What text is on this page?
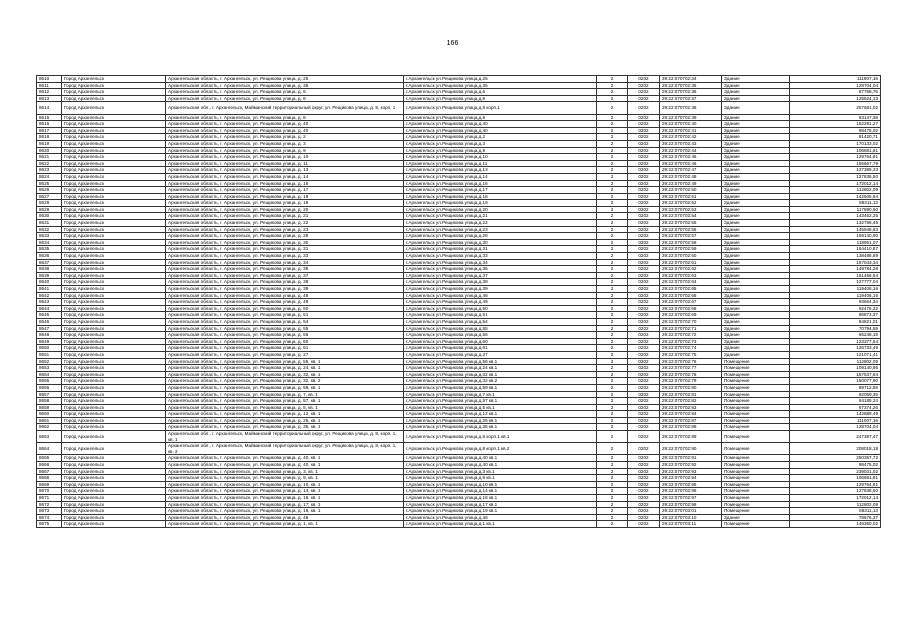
166
8610	Город Архангельск	Архангельская область, г. Архангельск, ул. Рещикова улица, д. 25	г.Архангельск ул.Рещикова улица,д.25	2	0202	29:22:070702:34	Здание	111907,16
8611	Город Архангельск	Архангельская область, г. Архангельск, ул. Рещикова улица, д. 35	г.Архангельск ул.Рещикова улица,д.35	2	0202	29:22:070702:35	Здание	128704,04
8612	Город Архангельск	Архангельская область, г. Архангельск, ул. Рещикова улица, д. 6	г.Архангельск ул.Рещикова улица,д.6	2	0202	29:22:070702:36	Здание	87768,76
8613	Город Архангельск	Архангельская область, г. Архангельск, ул. Рещикова улица, д. 8	г.Архангельск ул.Рещикова улица,д.8	2	0202	29:22:070702:37	Здание	125524,13
8614	Город Архангельск	Архангельская обл., г. Архангельск, Майманский территориальный округ, ул. Рещикова улица, д. 8, корп. 1	г.Архангельск ул.Рещикова улица,д.8 корп.1	2	0202	29:22:070702:38	Здание	257681,02
8615	Город Архангельск	Архангельская область, г. Архангельск, ул. Рещикова улица, д. 8	г.Архангельск ул.Рещикова улица,д.8	2	0202	29:22:070702:39	Здание	83147,38
8616	Город Архангельск	Архангельская область, г. Архангельск, ул. Рещикова улица, д. 40	г.Архангельск ул.Рещикова улица,д.40	2	0202	29:22:070702:40	Здание	152291,27
8617	Город Архангельск	Архангельская область, г. Архангельск, ул. Рещикова улица, д. 40	г.Архангельск ул.Рещикова улица,д.40	2	0202	29:22:070702:41	Здание	98475,02
8618	Город Архангельск	Архангельская область, г. Архангельск, ул. Рещикова улица, д. 2	г.Архангельск ул.Рещикова улица,д.2	2	0202	29:22:070702:42	Здание	81420,71
8619	Город Архангельск	Архангельская область, г. Архангельск, ул. Рещикова улица, д. 3	г.Архангельск ул.Рещикова улица,д.3	2	0202	29:22:070702:43	Здание	170133,02
8620	Город Архангельск	Архангельская область, г. Архангельск, ул. Рещикова улица, д. 9	г.Архангельск ул.Рещикова улица,д.9	2	0202	29:22:070702:44	Здание	106681,81
8621	Город Архангельск	Архангельская область, г. Архангельск, ул. Рещикова улица, д. 10	г.Архангельск ул.Рещикова улица,д.10	2	0202	29:22:070702:45	Здание	129764,81
8622	Город Архангельск	Архангельская область, г. Архангельск, ул. Рещикова улица, д. 11	г.Архангельск ул.Рещикова улица,д.11	2	0202	29:22:070702:46	Здание	155667,79
8623	Город Архангельск	Архангельская область, г. Архангельск, ул. Рещикова улица, д. 13	г.Архангельск ул.Рещикова улица,д.13	2	0202	29:22:070702:47	Здание	127389,33
8624	Город Архангельск	Архангельская область, г. Архангельск, ул. Рещикова улица, д. 14	г.Архангельск ул.Рещикова улица,д.14	2	0202	29:22:070702:48	Здание	127836,50
8625	Город Архангельск	Архангельская область, г. Архангельск, ул. Рещикова улица, д. 16	г.Архангельск ул.Рещикова улица,д.16	2	0202	29:22:070702:49	Здание	172012,14
8626	Город Архангельск	Архангельская область, г. Архангельск, ул. Рещикова улица, д. 17	г.Архангельск ул.Рещикова улица,д.17	2	0202	29:22:070702:50	Здание	112802,09
8627	Город Архангельск	Архангельская область, г. Архангельск, ул. Рещикова улица, д. 18	г.Архангельск ул.Рещикова улица,д.18	2	0202	29:22:070702:51	Здание	142505,84
8628	Город Архангельск	Архангельская область, г. Архангельск, ул. Рещикова улица, д. 19	г.Архангельск ул.Рещикова улица,д.19	2	0202	29:22:070702:52	Здание	86311,13
8629	Город Архангельск	Архангельская область, г. Архангельск, ул. Рещикова улица, д. 20	г.Архангельск ул.Рещикова улица,д.20	2	0202	29:22:070702:53	Здание	117890,60
8630	Город Архангельск	Архангельская область, г. Архангельск, ул. Рещикова улица, д. 21	г.Архангельск ул.Рещикова улица,д.21	2	0202	29:22:070702:54	Здание	143462,25
8631	Город Архангельск	Архангельская область, г. Архангельск, ул. Рещикова улица, д. 22	г.Архангельск ул.Рещикова улица,д.22	2	0202	29:22:070702:55	Здание	132756,45
8632	Город Архангельск	Архангельская область, г. Архангельск, ул. Рещикова улица, д. 23	г.Архангельск ул.Рещикова улица,д.23	2	0202	29:22:070702:56	Здание	145948,83
8633	Город Архангельск	Архангельская область, г. Архангельск, ул. Рещикова улица, д. 28	г.Архангельск ул.Рещикова улица,д.28	2	0202	29:22:070702:57	Здание	169140,90
8634	Город Архангельск	Архангельская область, г. Архангельск, ул. Рещикова улица, д. 30	г.Архангельск ул.Рещикова улица,д.30	2	0202	29:22:070702:58	Здание	118951,07
8635	Город Архангельск	Архангельская область, г. Архангельск, ул. Рещикова улица, д. 31	г.Архангельск ул.Рещикова улица,д.31	2	0202	29:22:070702:59	Здание	164410,87
8636	Город Архангельск	Архангельская область, г. Архангельск, ул. Рещикова улица, д. 33	г.Архангельск ул.Рещикова улица,д.33	2	0202	29:22:070702:60	Здание	138488,89
8637	Город Архангельск	Архангельская область, г. Архангельск, ул. Рещикова улица, д. 34	г.Архангельск ул.Рещикова улица,д.34	2	0202	29:22:070702:61	Здание	157043,34
8638	Город Архангельск	Архангельская область, г. Архангельск, ул. Рещикова улица, д. 36	г.Архангельск ул.Рещикова улица,д.36	2	0202	29:22:070702:62	Здание	149784,28
8639	Город Архангельск	Архангельская область, г. Архангельск, ул. Рещикова улица, д. 37	г.Архангельск ул.Рещикова улица,д.37	2	0202	29:22:070702:63	Здание	151456,54
8640	Город Архангельск	Архангельская область, г. Архангельск, ул. Рещикова улица, д. 38	г.Архангельск ул.Рещикова улица,д.38	2	0202	29:22:070702:64	Здание	127777,04
8641	Город Архангельск	Архангельская область, г. Архангельск, ул. Рещикова улица, д. 39	г.Архангельск ул.Рещикова улица,д.39	2	0202	29:22:070702:65	Здание	119406,16
8642	Город Архангельск	Архангельская область, г. Архангельск, ул. Рещикова улица, д. 48	г.Архангельск ул.Рещикова улица,д.48	2	0202	29:22:070702:66	Здание	119406,16
8643	Город Архангельск	Архангельская область, г. Архангельск, ул. Рещикова улица, д. 49	г.Архангельск ул.Рещикова улица,д.49	2	0202	29:22:070702:67	Здание	93664,34
8644	Город Архангельск	Архангельская область, г. Архангельск, ул. Рещикова улица, д. 50	г.Архангельск ул.Рещикова улица,д.50	2	0202	29:22:070702:68	Здание	92476,22
8645	Город Архангельск	Архангельская область, г. Архангельск, ул. Рещикова улица, д. 51	г.Архангельск ул.Рещикова улица,д.51	2	0202	29:22:070702:69	Здание	86873,37
8646	Город Архангельск	Архангельская область, г. Архангельск, ул. Рещикова улица, д. 54	г.Архангельск ул.Рещикова улица,д.54	2	0202	29:22:070702:70	Здание	84821,01
8647	Город Архангельск	Архангельская область, г. Архангельск, ул. Рещикова улица, д. 55	г.Архангельск ул.Рещикова улица,д.55	2	0202	29:22:070702:71	Здание	70794,59
8648	Город Архангельск	Архангельская область, г. Архангельск, ул. Рещикова улица, д. 56	г.Архангельск ул.Рещикова улица,д.56	2	0202	29:22:070702:72	Здание	95248,19
8649	Город Архангельск	Архангельская область, г. Архангельск, ул. Рещикова улица, д. 60	г.Архангельск ул.Рещикова улица,д.60	2	0202	29:22:070702:73	Здание	123377,54
8650	Город Архангельск	Архангельская область, г. Архангельск, ул. Рещикова улица, д. 61	г.Архангельск ул.Рещикова улица,д.61	2	0202	29:22:070702:74	Здание	126733,49
8651	Город Архангельск	Архангельская область, г. Архангельск, ул. Рещикова улица, д. 27	г.Архангельск ул.Рещикова улица,д.27	2	0202	29:22:070702:75	Здание	121071,41
8652	Город Архангельск	Архангельская область, г. Архангельск, ул. Рещикова улица, д. 56, кв. 1	г.Архангельск ул.Рещикова улица,д.56 кв.1	2	0202	29:22:070702:76	Помещение	112802,09
8653	Город Архангельск	Архангельская область, г. Архангельск, ул. Рещикова улица, д. 24, кв. 1	г.Архангельск ул.Рещикова улица,д.24 кв.1	2	0202	29:22:070702:77	Помещение	109140,95
8654	Город Архангельск	Архангельская область, г. Архангельск, ул. Рещикова улица, д. 32, кв. 1	г.Архангельск ул.Рещикова улица,д.32 кв.1	2	0202	29:22:070702:78	Помещение	157537,84
8655	Город Архангельск	Архангельская область, г. Архангельск, ул. Рещикова улица, д. 32, кв. 2	г.Архангельск ул.Рещикова улица,д.32 кв.2	2	0202	29:22:070702:79	Помещение	150077,90
8656	Город Архангельск	Архангельская область, г. Архангельск, ул. Рещикова улица, д. 59, кв. 1	г.Архангельск ул.Рещикова улица,д.59 кв.1	2	0202	29:22:070702:80	Помещение	89712,58
8657	Город Архангельск	Архангельская область, г. Архангельск, ул. Рещикова улица, д. 7, кв. 1	г.Архангельск ул.Рещикова улица,д.7 кв.1	2	0202	29:22:070702:81	Помещение	82059,35
8658	Город Архангельск	Архангельская область, г. Архангельск, ул. Рещикова улица, д. 57, кв. 1	г.Архангельск ул.Рещикова улица,д.57 кв.1	2	0202	29:22:070702:82	Помещение	84185,24
8659	Город Архангельск	Архангельская область, г. Архангельск, ул. Рещикова улица, д. 5, кв. 1	г.Архангельск ул.Рещикова улица,д.5 кв.1	2	0202	29:22:070702:83	Помещение	67374,26
8660	Город Архангельск	Архангельская область, г. Архангельск, ул. Рещикова улица, д. 12, кв. 1	г.Архангельск ул.Рещикова улица,д.12 кв.1	2	0202	29:22:070702:84	Помещение	142889,49
8661	Город Архангельск	Архангельская область, г. Архангельск, ул. Рещикова улица, д. 25, кв. 1	г.Архангельск ул.Рещикова улица,д.25 кв.1	2	0202	29:22:070702:87	Помещение	111007,16
8662	Город Архангельск	Архангельская область, г. Архангельск, ул. Рещикова улица, д. 35, кв. 1	г.Архангельск ул.Рещикова улица,д.35 кв.1	2	0202	29:22:070702:88	Помещение	128704,04
8663	Город Архангельск	Архангельская обл., г. Архангельск, Майманский территориальный округ, ул. Рещикова улица, д. 8, корп. 1, кв. 1	г.Архангельск ул.Рещикова улица,д.8 корп.1 кв.1	2	0202	29:22:070702:89	Помещение	247397,47
8664	Город Архангельск	Архангельская обл., г. Архангельск, Майманский территориальный округ, ул. Рещикова улица, д. 8, корп. 1, кв. 2	г.Архангельск ул.Рещикова улица,д.8 корп.1 кв.2	2	0202	29:22:070702:90	Помещение	208018,18
8665	Город Архангельск	Архангельская область, г. Архангельск, ул. Рещикова улица, д. 40, кв. 1	г.Архангельск ул.Рещикова улица,д.40 кв.1	2	0202	29:22:070702:91	Помещение	250357,72
8666	Город Архангельск	Архангельская область, г. Архангельск, ул. Рещикова улица, д. 40, кв. 1	г.Архангельск ул.Рещикова улица,д.40 кв.1	2	0202	29:22:070702:92	Помещение	98475,02
8667	Город Архангельск	Архангельская область, г. Архангельск, ул. Рещикова улица, д. 3, кв. 1	г.Архангельск ул.Рещикова улица,д.3 кв.1	2	0202	29:22:070702:93	Помещение	239031,02
8668	Город Архангельск	Архангельская область, г. Архангельск, ул. Рещикова улица, д. 9, кв. 1	г.Архангельск ул.Рещикова улица,д.9 кв.1	2	0202	29:22:070702:94	Помещение	106681,81
8669	Город Архангельск	Архангельская область, г. Архангельск, ул. Рещикова улица, д. 10, кв. 1	г.Архангельск ул.Рещикова улица,д.10 кв.1	2	0202	29:22:070702:95	Помещение	129764,81
8670	Город Архангельск	Архангельская область, г. Архангельск, ул. Рещикова улица, д. 14, кв. 1	г.Архангельск ул.Рещикова улица,д.14 кв.1	2	0202	29:22:070702:96	Помещение	127836,50
8671	Город Архангельск	Архангельская область, г. Архангельск, ул. Рещикова улица, д. 16, кв. 1	г.Архангельск ул.Рещикова улица,д.16 кв.1	2	0202	29:22:070702:97	Помещение	172012,14
8672	Город Архангельск	Архангельская область, г. Архангельск, ул. Рещикова улица, д. 17, кв. 1	г.Архангельск ул.Рещикова улица,д.17 кв.1	2	0202	29:22:070702:98	Помещение	112802,09
8673	Город Архангельск	Архангельская область, г. Архангельск, ул. Рещикова улица, д. 19, кв. 1	г.Архангельск ул.Рещикова улица,д.19 кв.1	2	0202	29:22:070703:01	Помещение	86311,13
8674	Город Архангельск	Архангельская область, г. Архангельск, ул. Рещикова улица, д. 46	г.Архангельск ул.Рещикова улица,д.46	2	0202	29:22:070703:10	Здание	78676,37
8675	Город Архангельск	Архангельская область, г. Архангельск, ул. Рещикова улица, д. 1, кв. 1	г.Архангельск ул.Рещикова улица,д.1 кв.1	2	0202	29:22:070703:11	Помещение	149360,02
